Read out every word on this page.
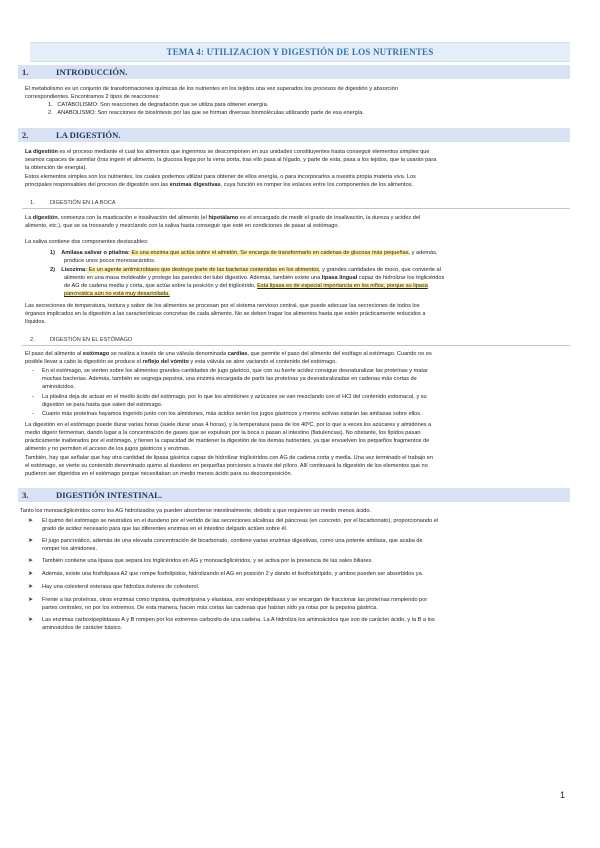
TEMA 4: UTILIZACION Y DIGESTIÓN DE LOS NUTRIENTES
1.	INTRODUCCIÓN.

El metabolismo es un conjunto de transformaciones químicas de los nutrientes en los tejidos una vez superados los procesos de digestión y absorción

correspondientes. Encontramos 2 tipos de reacciones:

1. CATABOLISMO: Son reacciones de degradación que se utiliza para obtener energía.

2. ANABOLISMO: Son reacciones de biosíntesis por las que se forman diversas biomoléculas utilizando parte de esa energía.

2.	LA DIGESTIÓN.

La digestión es el proceso mediante el cual los alimentos que ingerimos se descomponen en sus unidades constituyentes hasta conseguir elementos simples que

seamos capaces de asimilar (tras ingerir el alimento, la glucosa llega por la vena porta, tras ello pasa al hígado, y parte de esta, pasa a los tejidos, que la usarán para

la obtención de energía).

Estos elementos simples son los nutrientes, los cuales podemos utilizar para obtener de ellos energía, o para incorporarlos a nuestra propia materia viva. Los

principales responsables del proceso de digestión son las enzimas digestivas, cuya función es romper los enlaces entre los componentes de los alimentos.

1.	DIGESTIÓN EN LA BOCA

La digestión, comienza con la masticación e insalivación del alimento (el hipotálamo es el encargado de medir el grado de insalivación, la dureza y acidez del

alimento, etc.), que se va troceando y mezclando con la saliva hasta conseguir que esté en condiciones de pasar al estómago.

La saliva contiene dos componentes destacables:

1) Amilasa salivar o ptialina: Es una enzima que actúa sobre el almidón. Se encarga de transformarlo en cadenas de glucosa más pequeñas, y además,

produce unos pocos monosacáridos.

2) Lisozima: Es un agente antimicrobiano que destruye parte de las bacterias contenidas en los alimentos, y grandes cantidades de moco, que convierte al

alimento en una masa moldeable y protege las paredes del tubo digestivo. Además, también existe una lipasa lingual capaz de hidrolizar los triglicéridos

de AG de cadena media y corta, que actúa sobre la posición y del triglicérido. Esta lipasa es de especial importancia en los niños, porque su lipasa

pancreática aún no está muy desarrollada.

Las secreciones de temperatura, textura y sabor de los alimentos se procesan por el sistema nervioso central, que puede adecuar las secreciones de todos los

órganos implicados en la digestión a las características concretas de cada alimento. No se deben tragar los alimentos hasta que estén prácticamente reducidos a

líquidos.

2.	DIGESTIÓN EN EL ESTÓMAGO

El paso del alimento al estómago se realiza a través de una válvula denominada cardias, que permite el paso del alimento del esófago al estómago. Cuando no es

posible llevar a cabo la digestión se produce el reflejo del vómito y esta válvula se abre vaciando el contenido del estómago.

- En el estómago, se vierten sobre los alimentos grandes cantidades de jugo gástrico, que con su fuerte acidez consigue desnaturalizar las proteínas y matar

muchas bacterias. Además, también se segrega pepsina, una enzima encargada de partir las proteínas ya desnaturalizadas en cadenas más cortas de

aminoácidos.

- La ptialina deja de actuar en el medio ácido del estómago, por lo que los almidones y azúcares se van mezclando con el HCl del contenido estomacal, y su

digestión se para hasta que salen del estómago.

- Cuanto más proteínas hayamos ingerido junto con los almidones, más ácidos serán los jugos gástricos y menos activas estarán las amilasas sobre ellos.

La digestión en el estómago puede durar varias horas (suele durar unas 4 horas), y la temperatura pasa de los 40ºC, por lo que a veces los azúcares y almidones a

medio digerir fermentan, dando lugar a la concentración de gases que se expulsan por la boca o pasan al intestino (flatulencias). No obstante, los lípidos pasan

prácticamente inalterados por el estómago, y tienen la capacidad de mantener la digestión de los demás nutrientes, ya que envuelven los pequeños fragmentos de

alimento y no permiten el acceso de los jugos gástricos y enzimas.

También, hay que señalar que hay otra cantidad de lipasa gástrica capaz de hidrolizar triglicéridos con AG de cadena corta y media. Una vez terminado el trabajo en

el estómago, se vierte su contenido denominado quimo al duodeno en pequeñas porciones a través del píloro. Allí continuará la digestión de los elementos que no

pudieron ser digeridos en el estómago porque necesitaban un medio menos ácido para su descomposición.

3.	DIGESTIÓN INTESTINAL.

Tanto los monoacilglicéridos como los AG hidrolizados ya pueden absorberse intestinalmente, debido a que requieren un medio menos ácido.

➤ El quimo del estómago se neutraliza en el duodeno por el vertido de las secreciones alcalinas del páncreas (en concreto, por el bicarbonato), proporcionando el

grado de acidez necesario para que las diferentes enzimas en el intestino delgado actúen sobre él.

➤ El jugo pancreático, además de una elevada concentración de bicarbonato, contiene varias enzimas digestivas, como una potente amilasa, que acaba de

romper los almidones.

➤ También contiene una lipasa que separa los triglicéridos en AG y monoacilglicéridos, y se activa por la presencia de las sales biliares.

➤ Además, existe una fosfolipasa A2 que rompe fosfolípidos, hidrolizando el AG en posición 2 y dando el lisofosfolípido, y ambos pueden ser absorbidos ya.

➤ Hay una colesterol esterasa que hidroliza ésteres de colesterol.

➤ Frente a las proteínas, otras enzimas como tripsina, quimotripsina y elastasa, son endopeptidasas y se encargan de fraccionar las proteínas rompiendo por

partes centrales, no por los extremos. De esta manera, hacen más cortas las cadenas que habían sido ya rotas por la pepsina gástrica.

➤ Las enzimas carboxipeptidasas A y B rompen por los extremos carboxilo de una cadena. La A hidroliza los aminoácidos que son de carácter ácido, y la B a los

aminoácidos de carácter básico.

1
